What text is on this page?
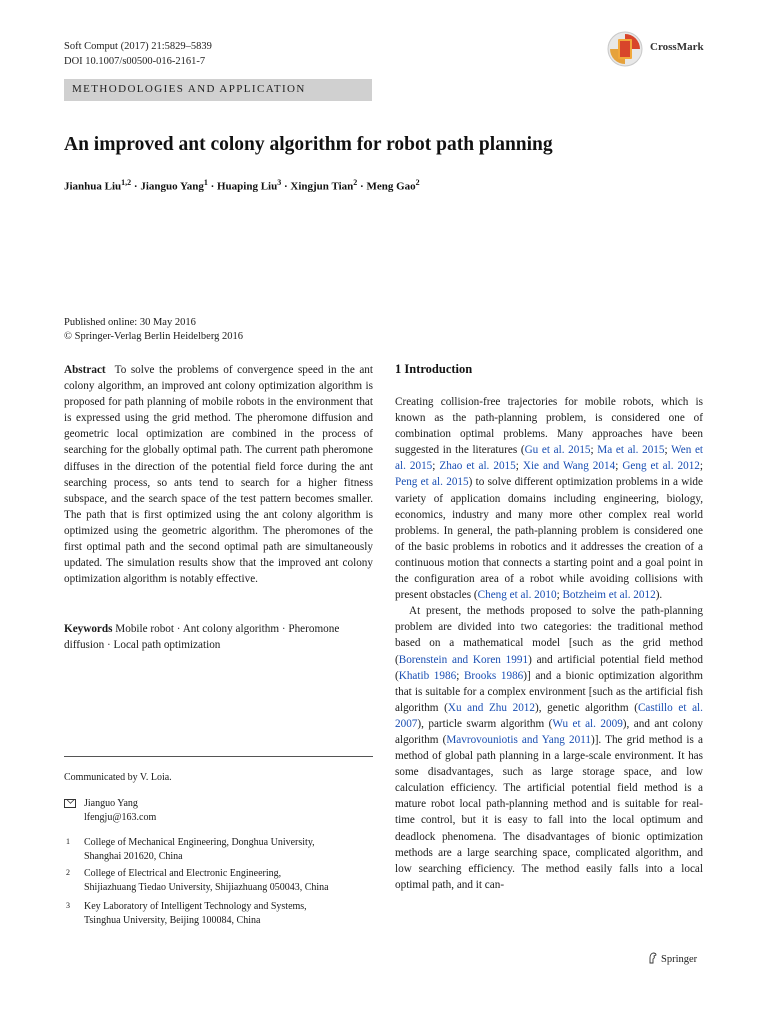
Soft Comput (2017) 21:5829–5839
DOI 10.1007/s00500-016-2161-7
CrossMark
METHODOLOGIES AND APPLICATION
An improved ant colony algorithm for robot path planning
Jianhua Liu$^{1,2}$ · Jianguo Yang$^1$ · Huaping Liu$^3$ · Xingjun Tian$^2$ · Meng Gao$^2$
Published online: 30 May 2016
© Springer-Verlag Berlin Heidelberg 2016
Abstract To solve the problems of convergence speed in the ant colony algorithm, an improved ant colony optimization algorithm is proposed for path planning of mobile robots in the environment that is expressed using the grid method. The pheromone diffusion and geometric local optimization are combined in the process of searching for the globally optimal path. The current path pheromone diffuses in the direction of the potential field force during the ant searching process, so ants tend to search for a higher fitness subspace, and the search space of the test pattern becomes smaller. The path that is first optimized using the ant colony algorithm is optimized using the geometric algorithm. The pheromones of the first optimal path and the second optimal path are simultaneously updated. The simulation results show that the improved ant colony optimization algorithm is notably effective.
Keywords Mobile robot · Ant colony algorithm · Pheromone diffusion · Local path optimization
Communicated by V. Loia.
Jianguo Yang
lfengju@163.com
1 College of Mechanical Engineering, Donghua University,
Shanghai 201620, China
2 College of Electrical and Electronic Engineering,
Shijiazhuang Tiedao University, Shijiazhuang 050043, China
3 Key Laboratory of Intelligent Technology and Systems,
Tsinghua University, Beijing 100084, China
1 Introduction

Creating collision-free trajectories for mobile robots, which is known as the path-planning problem, is considered one of combination optimal problems. Many approaches have been suggested in the literatures (Gu et al. 2015; Ma et al. 2015; Wen et al. 2015; Zhao et al. 2015; Xie and Wang 2014; Geng et al. 2012; Peng et al. 2015) to solve different optimization problems in a wide variety of application domains including engineering, biology, economics, industry and many more other complex real world problems. In general, the path-planning problem is considered one of the basic problems in robotics and it addresses the creation of a continuous motion that connects a starting point and a goal point in the configuration area of a robot while avoiding collisions with present obstacles (Cheng et al. 2010; Botzheim et al. 2012).

At present, the methods proposed to solve the path-planning problem are divided into two categories: the traditional method based on a mathematical model [such as the grid method (Borenstein and Koren 1991) and artificial potential field method (Khatib 1986; Brooks 1986)] and a bionic optimization algorithm that is suitable for a complex environment [such as the artificial fish algorithm (Xu and Zhu 2012), genetic algorithm (Castillo et al. 2007), particle swarm algorithm (Wu et al. 2009), and ant colony algorithm (Mavrovouniotis and Yang 2011)]. The grid method is a method of global path planning in a large-scale environment. It has some disadvantages, such as large storage space, and low calculation efficiency. The artificial potential field method is a mature robot local path-planning method and is suitable for real-time control, but it is easy to fall into the local optimum and deadlock phenomena. The disadvantages of bionic optimization methods are a large searching space, complicated algorithm, and low searching efficiency. The method easily falls into a local optimal path, and it can-

Springer
